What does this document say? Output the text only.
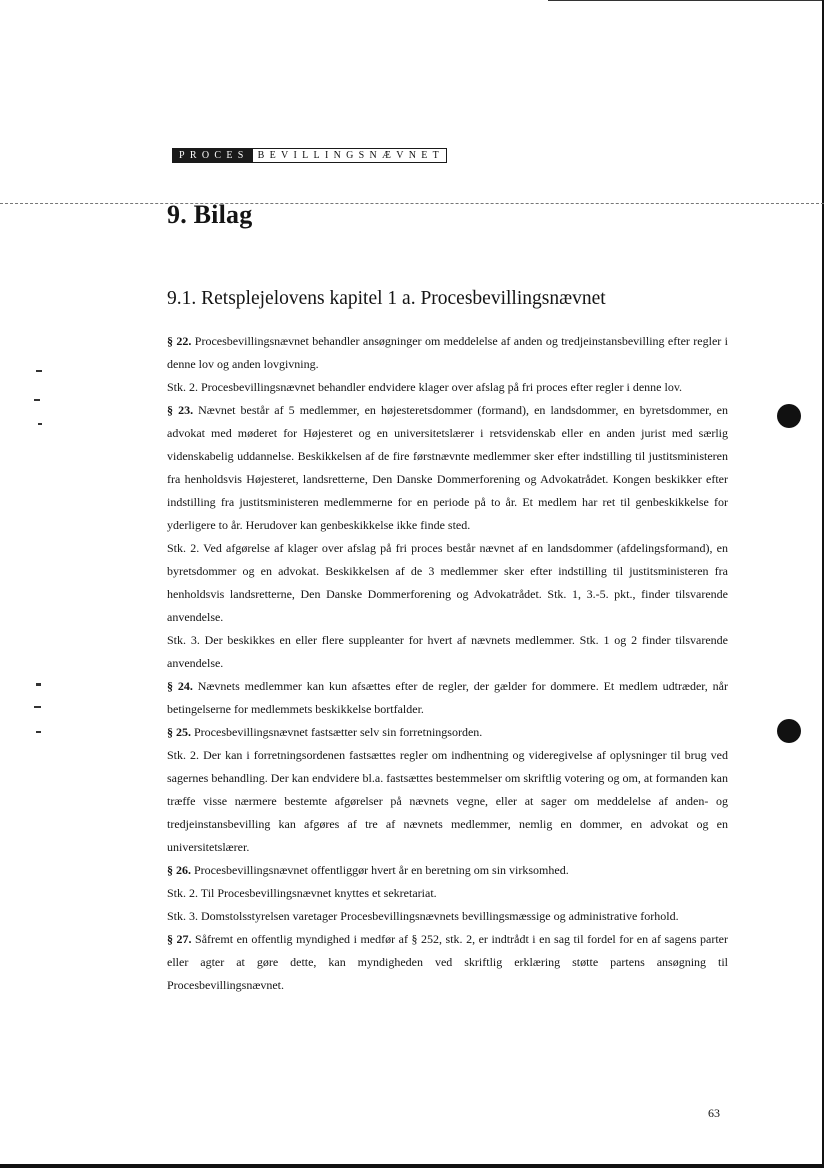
PROCES BEVILLINGSNÆVNET
9. Bilag
9.1. Retsplejelovens kapitel 1 a. Procesbevillingsnævnet

§ 22. Procesbevillingsnævnet behandler ansøgninger om meddelelse af anden og tredjeinstansbevilling efter regler i denne lov og anden lovgivning.

Stk. 2. Procesbevillingsnævnet behandler endvidere klager over afslag på fri proces efter regler i denne lov.

§ 23. Nævnet består af 5 medlemmer, en højesteretsdommer (formand), en landsdommer, en byretsdommer, en advokat med møderet for Højesteret og en universitetslærer i retsvidenskab eller en anden jurist med særlig videnskabelig uddannelse. Beskikkelsen af de fire førstnævnte medlemmer sker efter indstilling til justitsministeren fra henholdsvis Højesteret, landsretterne, Den Danske Dommerforening og Advokatrådet. Kongen beskikker efter indstilling fra justitsministeren medlemmerne for en periode på to år. Et medlem har ret til genbeskikkelse for yderligere to år. Herudover kan genbeskikkelse ikke finde sted.

Stk. 2. Ved afgørelse af klager over afslag på fri proces består nævnet af en landsdommer (afdelingsformand), en byretsdommer og en advokat. Beskikkelsen af de 3 medlemmer sker efter indstilling til justitsministeren fra henholdsvis landsretterne, Den Danske Dommerforening og Advokatrådet. Stk. 1, 3.-5. pkt., finder tilsvarende anvendelse.

Stk. 3. Der beskikkes en eller flere suppleanter for hvert af nævnets medlemmer. Stk. 1 og 2 finder tilsvarende anvendelse.

§ 24. Nævnets medlemmer kan kun afsættes efter de regler, der gælder for dommere. Et medlem udtræder, når betingelserne for medlemmets beskikkelse bortfalder.

§ 25. Procesbevillingsnævnet fastsætter selv sin forretningsorden.

Stk. 2. Der kan i forretningsordenen fastsættes regler om indhentning og videregivelse af oplysninger til brug ved sagernes behandling. Der kan endvidere bl.a. fastsættes bestemmelser om skriftlig votering og om, at formanden kan træffe visse nærmere bestemte afgørelser på nævnets vegne, eller at sager om meddelelse af anden- og tredjeinstansbevilling kan afgøres af tre af nævnets medlemmer, nemlig en dommer, en advokat og en universitetslærer.

§ 26. Procesbevillingsnævnet offentliggør hvert år en beretning om sin virksomhed.

Stk. 2. Til Procesbevillingsnævnet knyttes et sekretariat.

Stk. 3. Domstolsstyrelsen varetager Procesbevillingsnævnets bevillingsmæssige og administrative forhold.

§ 27. Såfremt en offentlig myndighed i medfør af § 252, stk. 2, er indtrådt i en sag til fordel for en af sagens parter eller agter at gøre dette, kan myndigheden ved skriftlig erklæring støtte partens ansøgning til Procesbevillingsnævnet.

63
